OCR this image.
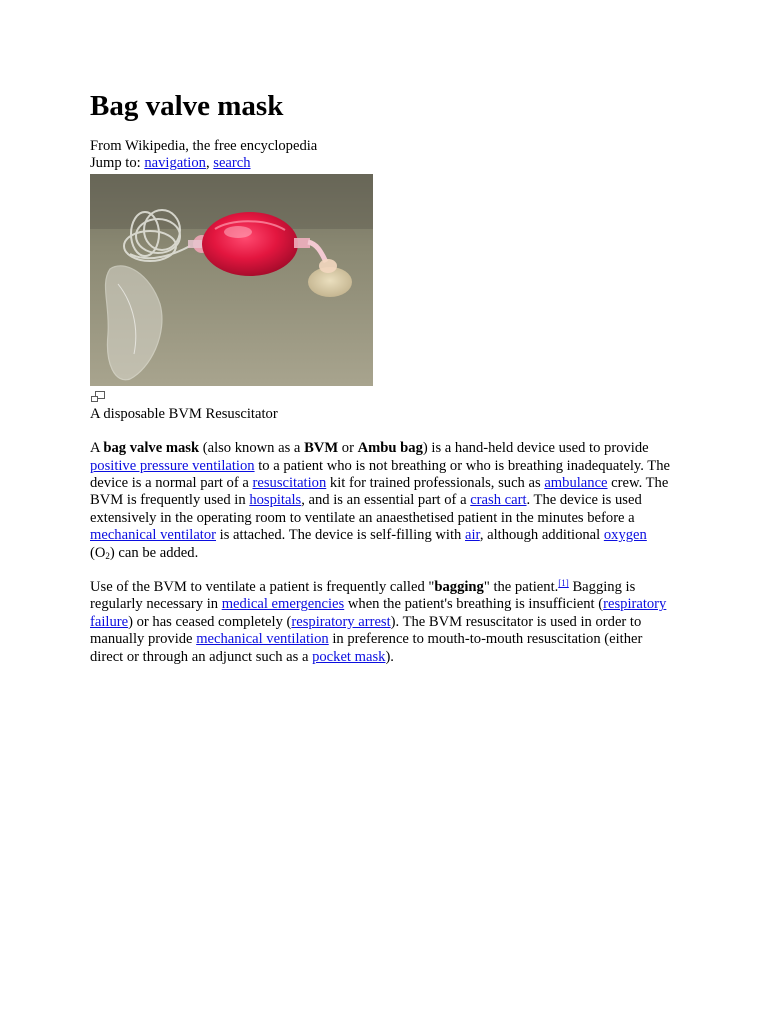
Bag valve mask
From Wikipedia, the free encyclopedia
Jump to: navigation, search
A disposable BVM Resuscitator

A bag valve mask (also known as a BVM or Ambu bag) is a hand-held device used to provide positive pressure ventilation to a patient who is not breathing or who is breathing inadequately. The device is a normal part of a resuscitation kit for trained professionals, such as ambulance crew. The BVM is frequently used in hospitals, and is an essential part of a crash cart. The device is used extensively in the operating room to ventilate an anaesthetised patient in the minutes before a mechanical ventilator is attached. The device is self-filling with air, although additional oxygen $(O_2)$ can be added.

Use of the BVM to ventilate a patient is frequently called "bagging" the patient.[1] Bagging is regularly necessary in medical emergencies when the patient's breathing is insufficient (respiratory failure) or has ceased completely (respiratory arrest). The BVM resuscitator is used in order to manually provide mechanical ventilation in preference to mouth-to-mouth resuscitation (either direct or through an adjunct such as a pocket mask).
